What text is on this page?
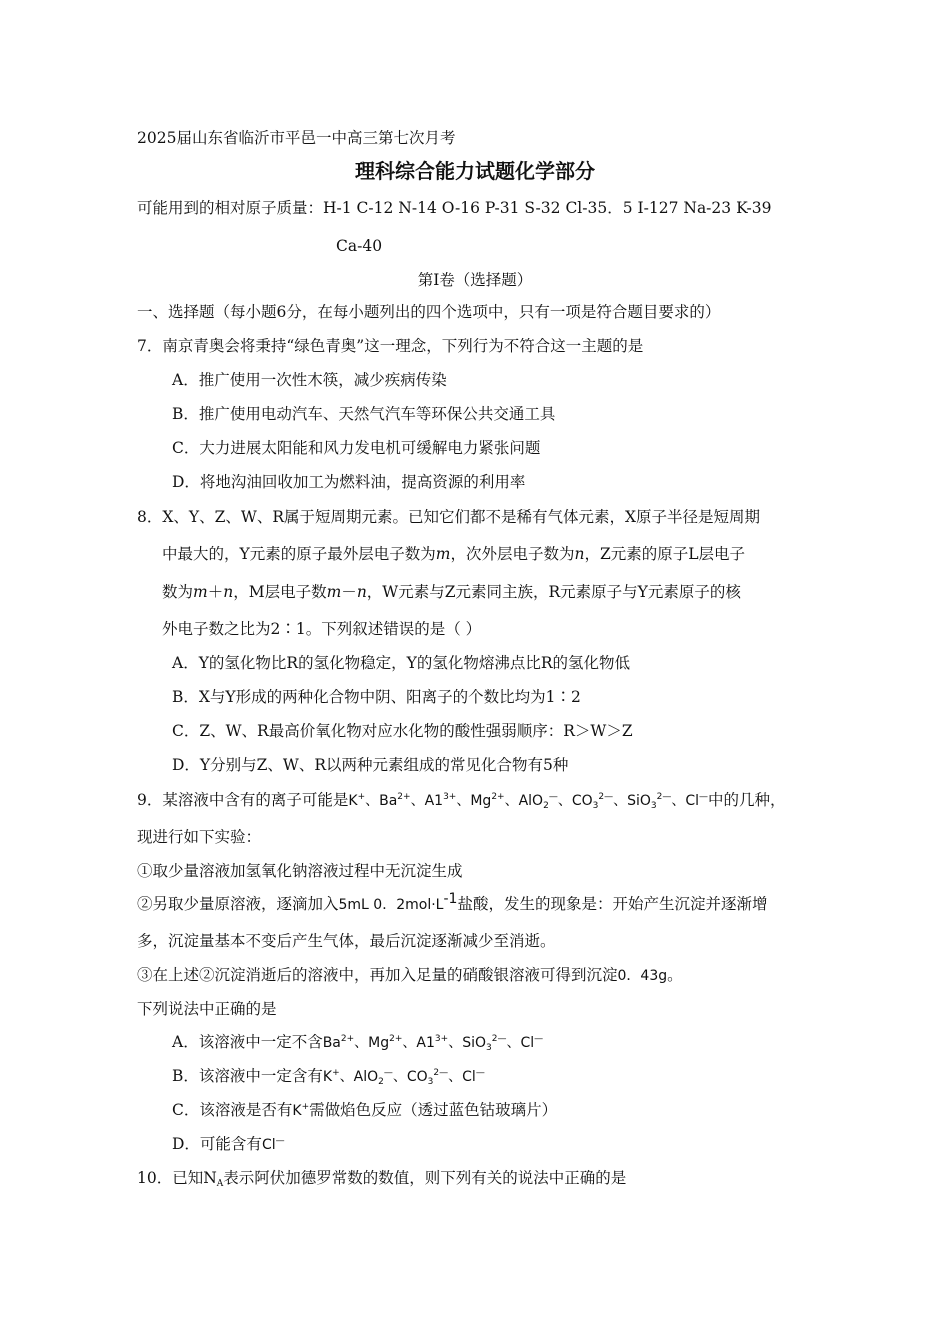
2025届山东省临沂市平邑一中高三第七次月考
理科综合能力试题化学部分
可能用到的相对原子质量：H-1 C-12 N-14 O-16 P-31 S-32 Cl-35．5 I-127 Na-23 K-39
Ca-40
第Ⅰ卷（选择题）
一、选择题（每小题6分，在每小题列出的四个选项中，只有一项是符合题目要求的）
7．南京青奥会将秉持“绿色青奥”这一理念，下列行为不符合这一主题的是
A．推广使用一次性木筷，减少疾病传染
B．推广使用电动汽车、天然气汽车等环保公共交通工具
C．大力进展太阳能和风力发电机可缓解电力紧张问题
D．将地沟油回收加工为燃料油，提高资源的利用率
8．X、Y、Z、W、R属于短周期元素。已知它们都不是稀有气体元素，X原子半径是短周期
中最大的，Y元素的原子最外层电子数为m，次外层电子数为n，Z元素的原子L层电子
数为m＋n，M层电子数m－n，W元素与Z元素同主族，R元素原子与Y元素原子的核
外电子数之比为2∶1。下列叙述错误的是（ ）
A．Y的氢化物比R的氢化物稳定，Y的氢化物熔沸点比R的氢化物低
B．X与Y形成的两种化合物中阴、阳离子的个数比均为1∶2
C．Z、W、R最高价氧化物对应水化物的酸性强弱顺序：R＞W＞Z
D．Y分别与Z、W、R以两种元素组成的常见化合物有5种
9．某溶液中含有的离子可能是K+、$Ba^{2+}$、$A1^{3+}$、$Mg^{2+}$、AlO$_2$—、$CO_3^{2—}$、SiO$_3^{2—}$、Cl—中的几种，
现进行如下实验：
①取少量溶液加氢氧化钠溶液过程中无沉淀生成
②另取少量原溶液，逐滴加入5mL 0．$2mol\cdot L^{-1}$盐酸，发生的现象是：开始产生沉淀并逐渐增
多，沉淀量基本不变后产生气体，最后沉淀逐渐减少至消逝。
③在上述②沉淀消逝后的溶液中，再加入足量的硝酸银溶液可得到沉淀0．43g。
下列说法中正确的是
A．该溶液中一定不含$Ba^{2+}$、$Mg^{2+}$、$A1^{3+}$、SiO$_3^{2—}$、Cl—
B．该溶液中一定含有K+、AlO$_2$—、$CO_3^{2—}$、Cl—
C．该溶液是否有K+需做焰色反应（透过蓝色钴玻璃片）
D．可能含有Cl—
10．已知$N_A$表示阿伏加德罗常数的数值，则下列有关的说法中正确的是
